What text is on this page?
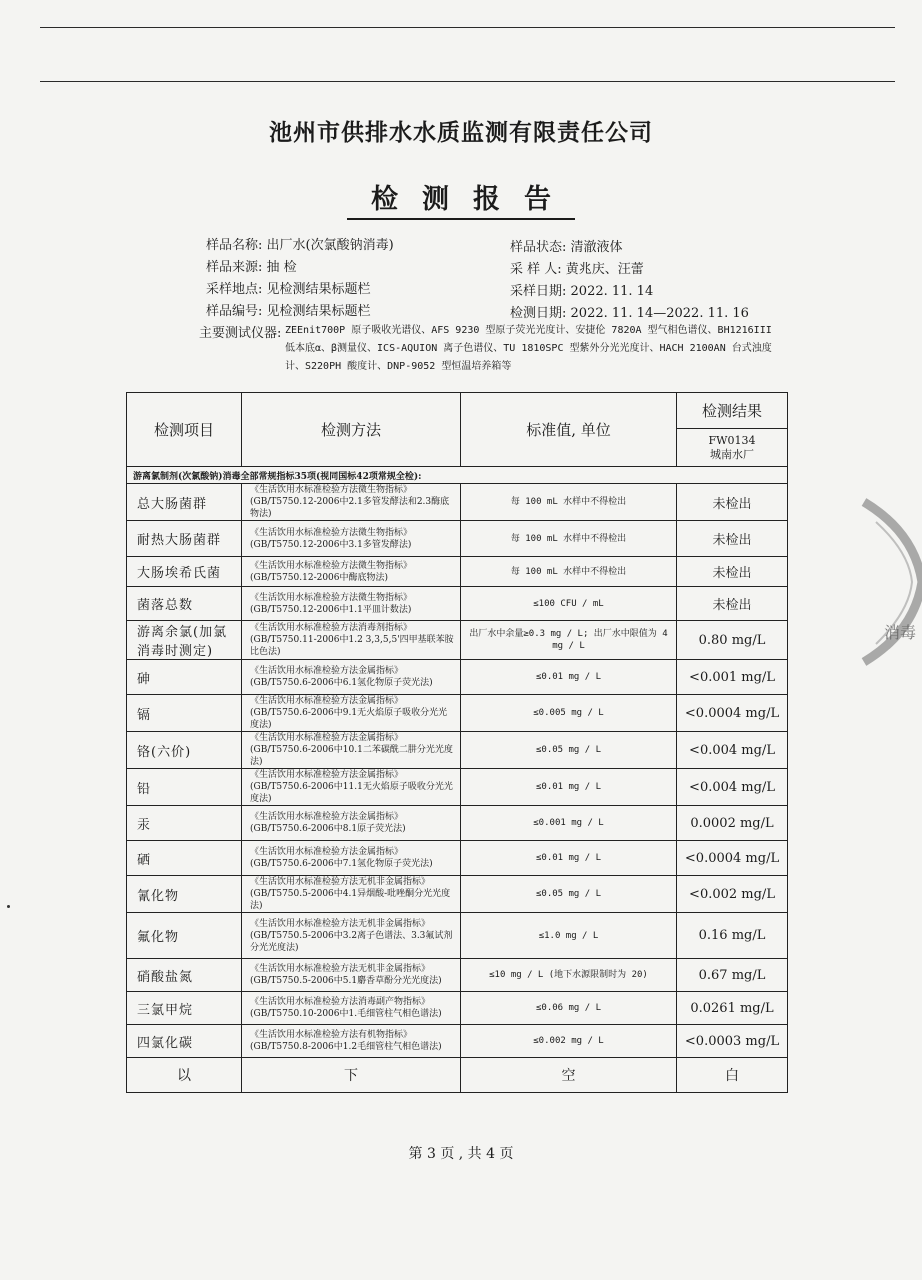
池州市供排水水质监测有限责任公司
检测报告
样品名称: 出厂水(次氯酸钠消毒)
样品来源: 抽 检
采样地点: 见检测结果标题栏
样品编号: 见检测结果标题栏
样品状态: 清澈液体
采 样 人: 黄兆庆、汪蕾
采样日期: 2022. 11. 14
检测日期: 2022. 11. 14—2022. 11. 16
主要测试仪器: ZEEnit700P 原子吸收光谱仪、AFS 9230 型原子荧光光度计、安捷伦 7820A 型气相色谱仪、BH1216III 低本底α、β测量仪、ICS-AQUION 离子色谱仪、TU 1810SPC 型紫外分光光度计、HACH 2100AN 台式浊度计、S220PH 酸度计、DNP-9052 型恒温培养箱等
检测项目	检测方法	标准值, 单位	检测结果

			FW0134
城南水厂

游离氯制剂(次氯酸钠)消毒全部常规指标35项(视同国标42项常规全检):			
总大肠菌群	《生活饮用水标准检验方法微生物指标》(GB/T5750.12-2006中2.1多管发酵法和2.3酶底物法)	每 100 mL 水样中不得检出	未检出
耐热大肠菌群	《生活饮用水标准检验方法微生物指标》(GB/T5750.12-2006中3.1多管发酵法)	每 100 mL 水样中不得检出	未检出
大肠埃希氏菌	《生活饮用水标准检验方法微生物指标》(GB/T5750.12-2006中酶底物法)	每 100 mL 水样中不得检出	未检出
菌落总数	《生活饮用水标准检验方法微生物指标》(GB/T5750.12-2006中1.1平皿计数法)	≤100 CFU / mL	未检出
游离余氯(加氯消毒时测定)	《生活饮用水标准检验方法消毒剂指标》(GB/T5750.11-2006中1.2 3,3,5,5'四甲基联苯胺比色法)	出厂水中余量≥0.3 mg / L; 出厂水中限值为 4 mg / L	0.80 mg/L
砷	《生活饮用水标准检验方法金属指标》(GB/T5750.6-2006中6.1氢化物原子荧光法)	≤0.01 mg / L	<0.001 mg/L
镉	《生活饮用水标准检验方法金属指标》(GB/T5750.6-2006中9.1无火焰原子吸收分光光度法)	≤0.005 mg / L	<0.0004 mg/L
铬(六价)	《生活饮用水标准检验方法金属指标》(GB/T5750.6-2006中10.1二苯碳酰二肼分光光度法)	≤0.05 mg / L	<0.004 mg/L
铅	《生活饮用水标准检验方法金属指标》(GB/T5750.6-2006中11.1无火焰原子吸收分光光度法)	≤0.01 mg / L	<0.004 mg/L
汞	《生活饮用水标准检验方法金属指标》(GB/T5750.6-2006中8.1原子荧光法)	≤0.001 mg / L	0.0002 mg/L
硒	《生活饮用水标准检验方法金属指标》(GB/T5750.6-2006中7.1氢化物原子荧光法)	≤0.01 mg / L	<0.0004 mg/L
氰化物	《生活饮用水标准检验方法无机非金属指标》(GB/T5750.5-2006中4.1异烟酸-吡唑酮分光光度法)	≤0.05 mg / L	<0.002 mg/L
氟化物	《生活饮用水标准检验方法无机非金属指标》(GB/T5750.5-2006中3.2离子色谱法、3.3氟试剂分光光度法)	≤1.0 mg / L	0.16 mg/L
硝酸盐氮	《生活饮用水标准检验方法无机非金属指标》(GB/T5750.5-2006中5.1麝香草酚分光光度法)	≤10 mg / L (地下水源限制时为 20)	0.67 mg/L
三氯甲烷	《生活饮用水标准检验方法消毒副产物指标》(GB/T5750.10-2006中1.毛细管柱气相色谱法)	≤0.06 mg / L	0.0261 mg/L
四氯化碳	《生活饮用水标准检验方法有机物指标》(GB/T5750.8-2006中1.2毛细管柱气相色谱法)	≤0.002 mg / L	<0.0003 mg/L
以	下	空	白
第 3 页 , 共 4 页
消毒
